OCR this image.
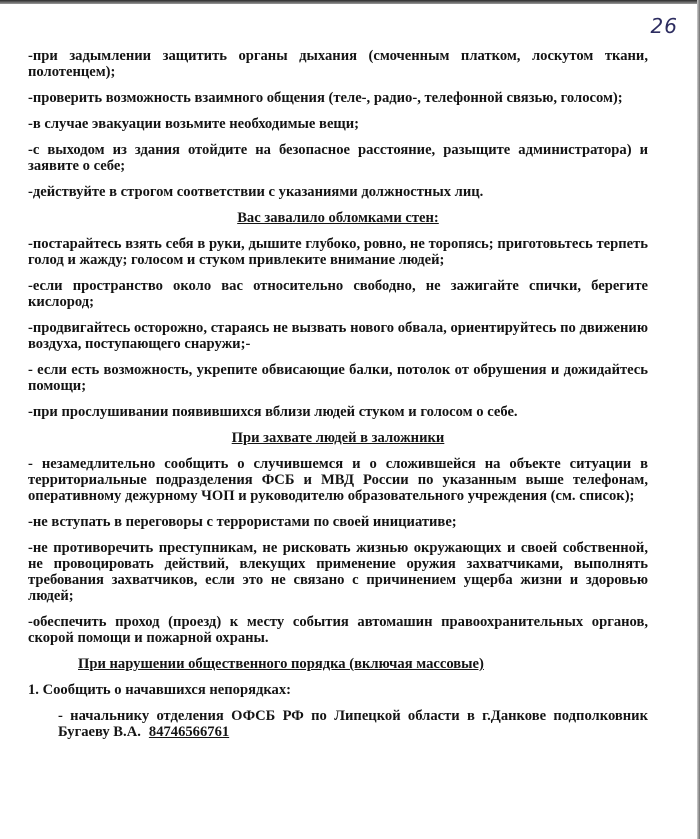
26

-при задымлении защитить органы дыхания (смоченным платком, лоскутом ткани, полотенцем);

-проверить возможность взаимного общения (теле-, радио-, телефонной связью, голосом);

-в случае эвакуации возьмите необходимые вещи;

-с выходом из здания отойдите на безопасное расстояние, разыщите администратора) и заявите о себе;

-действуйте в строгом соответствии с указаниями должностных лиц.

Вас завалило обломками стен:

-постарайтесь взять себя в руки, дышите глубоко, ровно, не торопясь; приготовьтесь терпеть голод и жажду; голосом и стуком привлеките внимание людей;

-если пространство около вас относительно свободно, не зажигайте спички, берегите кислород;

-продвигайтесь осторожно, стараясь не вызвать нового обвала, ориентируйтесь по движению воздуха, поступающего снаружи;-

- если есть возможность, укрепите обвисающие балки, потолок от обрушения и дожидайтесь помощи;

-при прослушивании появившихся вблизи людей стуком и голосом о себе.

При захвате людей в заложники

- незамедлительно сообщить о случившемся и о сложившейся на объекте ситуации в территориальные подразделения ФСБ и МВД России по указанным выше телефонам, оперативному дежурному ЧОП и руководителю образовательного учреждения (см. список);

-не вступать в переговоры с террористами по своей инициативе;

-не противоречить преступникам, не рисковать жизнью окружающих и своей собственной, не провоцировать действий, влекущих применение оружия захватчиками, выполнять требования захватчиков, если это не связано с причинением ущерба жизни и здоровью людей;

-обеспечить проход (проезд) к месту события автомашин правоохранительных органов, скорой помощи и пожарной охраны.

При нарушении общественного порядка (включая массовые)

1. Сообщить о начавшихся непорядках:

- начальнику отделения ОФСБ РФ по Липецкой области в г.Данкове подполковник Бугаеву В.А. 84746566761
